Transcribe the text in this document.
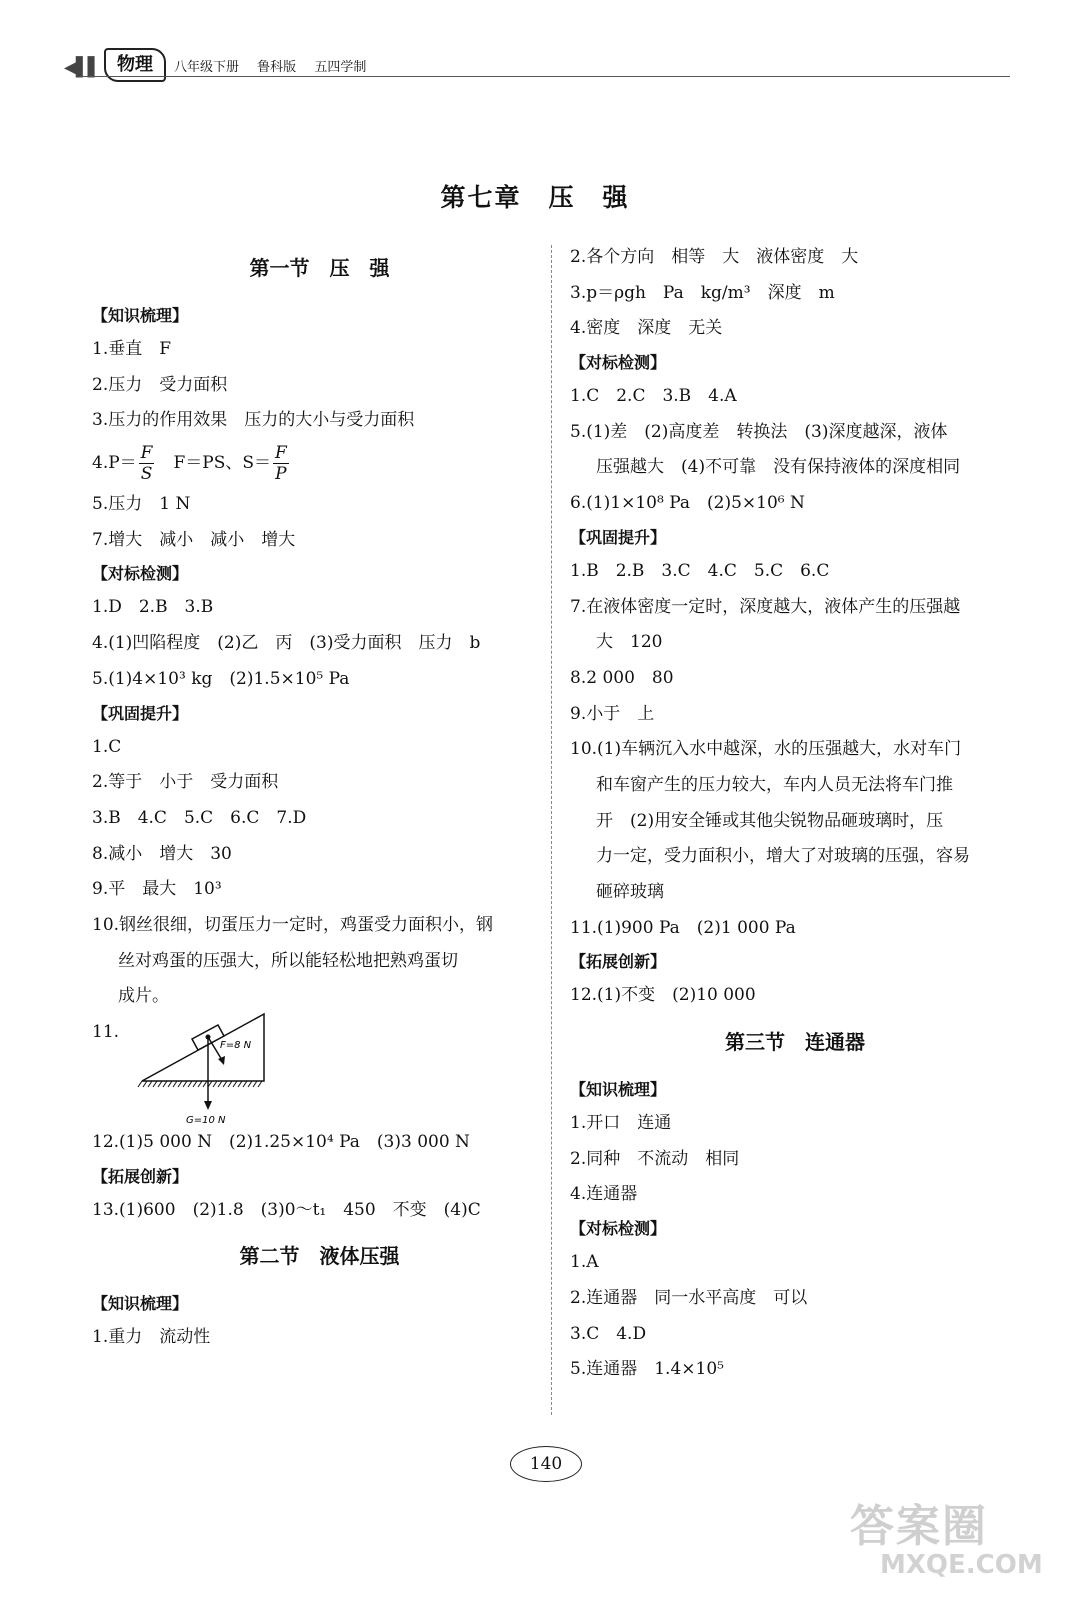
◀▌▌ 物理	八年级下册 鲁科版 五四学制
第七章　压　强
第一节　压　强
【知识梳理】
1.垂直　F
2.压力　受力面积
3.压力的作用效果　压力的大小与受力面积
$4.P= \frac{F}{S}$ 　F＝PS、$S= \frac{F}{P}$
5.压力　1 N
7.增大　减小　减小　增大
【对标检测】
1.D　2.B　3.B
4.(1)凹陷程度　(2)乙　丙　(3)受力面积　压力　b
5.(1)4×10³ kg　(2)1.5×10⁵ Pa
【巩固提升】
1.C
2.等于　小于　受力面积
3.B　4.C　5.C　6.C　7.D
8.减小　增大　30
9.平　最大　10³
10.钢丝很细，切蛋压力一定时，鸡蛋受力面积小，钢
丝对鸡蛋的压强大，所以能轻松地把熟鸡蛋切
成片。
11.
F=8 N
G=10 N
12.(1)5 000 N　(2)1.25×10⁴ Pa　(3)3 000 N
【拓展创新】
13.(1)600　(2)1.8　(3)0～t₁　450　不变　(4)C
第二节　液体压强
【知识梳理】
1.重力　流动性
2.各个方向　相等　大　液体密度　大
3.p＝ρgh　Pa　kg/m³　深度　m
4.密度　深度　无关
【对标检测】
1.C　2.C　3.B　4.A
5.(1)差　(2)高度差　转换法　(3)深度越深，液体
压强越大　(4)不可靠　没有保持液体的深度相同
6.(1)1×10⁸ Pa　(2)5×10⁶ N
【巩固提升】
1.B　2.B　3.C　4.C　5.C　6.C
7.在液体密度一定时，深度越大，液体产生的压强越
大　120
8.2 000　80
9.小于　上
10.(1)车辆沉入水中越深，水的压强越大，水对车门
和车窗产生的压力较大，车内人员无法将车门推
开　(2)用安全锤或其他尖锐物品砸玻璃时，压
力一定，受力面积小，增大了对玻璃的压强，容易
砸碎玻璃
11.(1)900 Pa　(2)1 000 Pa
【拓展创新】
12.(1)不变　(2)10 000
第三节　连通器
【知识梳理】
1.开口　连通
2.同种　不流动　相同
4.连通器
【对标检测】
1.A
2.连通器　同一水平高度　可以
3.C　4.D
5.连通器　1.4×10⁵
140
答案圈
MXQE.COM
